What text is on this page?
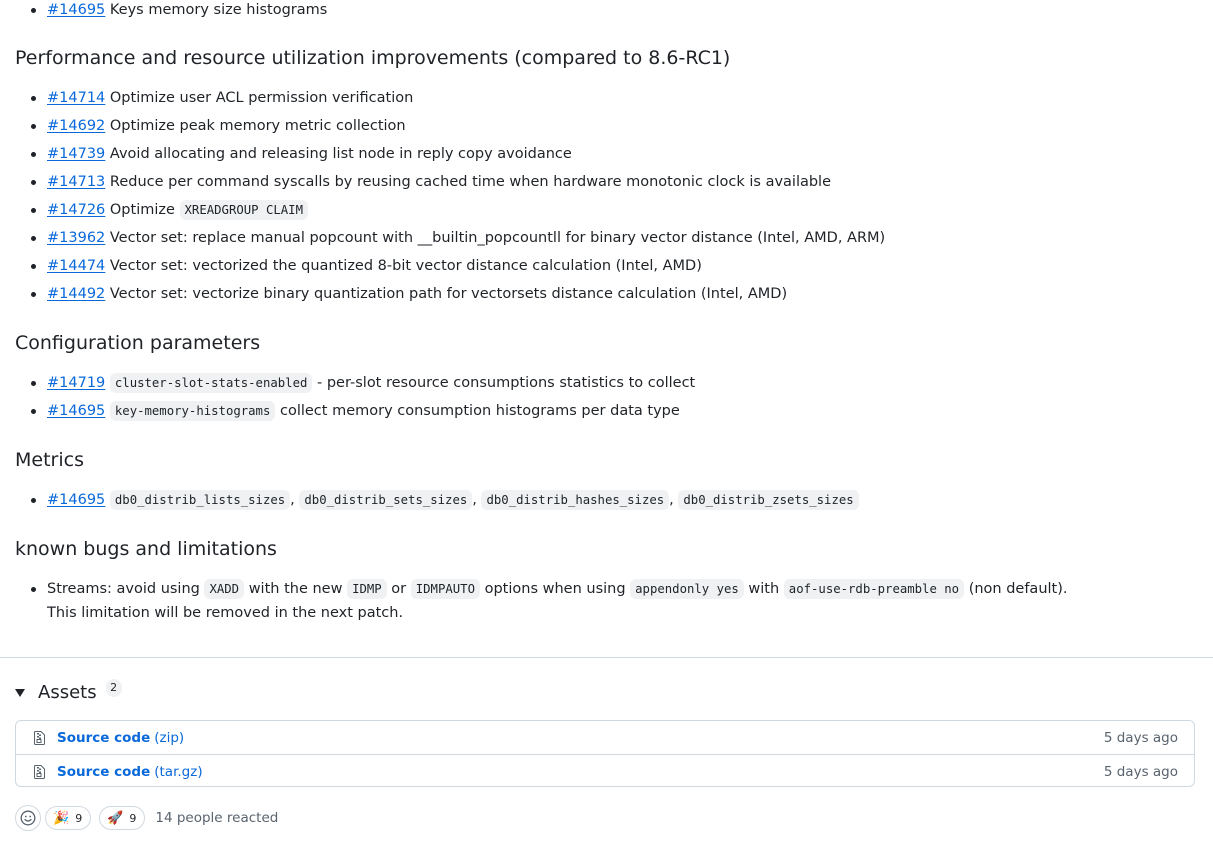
#14695 Keys memory size histograms
Performance and resource utilization improvements (compared to 8.6-RC1)
#14714 Optimize user ACL permission verification
#14692 Optimize peak memory metric collection
#14739 Avoid allocating and releasing list node in reply copy avoidance
#14713 Reduce per command syscalls by reusing cached time when hardware monotonic clock is available
#14726 Optimize XREADGROUP CLAIM
#13962 Vector set: replace manual popcount with __builtin_popcountll for binary vector distance (Intel, AMD, ARM)
#14474 Vector set: vectorized the quantized 8-bit vector distance calculation (Intel, AMD)
#14492 Vector set: vectorize binary quantization path for vectorsets distance calculation (Intel, AMD)
Configuration parameters
#14719 cluster-slot-stats-enabled - per-slot resource consumptions statistics to collect
#14695 key-memory-histograms collect memory consumption histograms per data type
Metrics
#14695 db0_distrib_lists_sizes , db0_distrib_sets_sizes , db0_distrib_hashes_sizes , db0_distrib_zsets_sizes
known bugs and limitations
Streams: avoid using XADD with the new IDMP or IDMPAUTO options when using appendonly yes with aof-use-rdb-preamble no (non default).
This limitation will be removed in the next patch.
Assets	2
Source code (zip)	5 days ago
Source code (tar.gz)	5 days ago
🎉 9 🚀 9 14 people reacted
